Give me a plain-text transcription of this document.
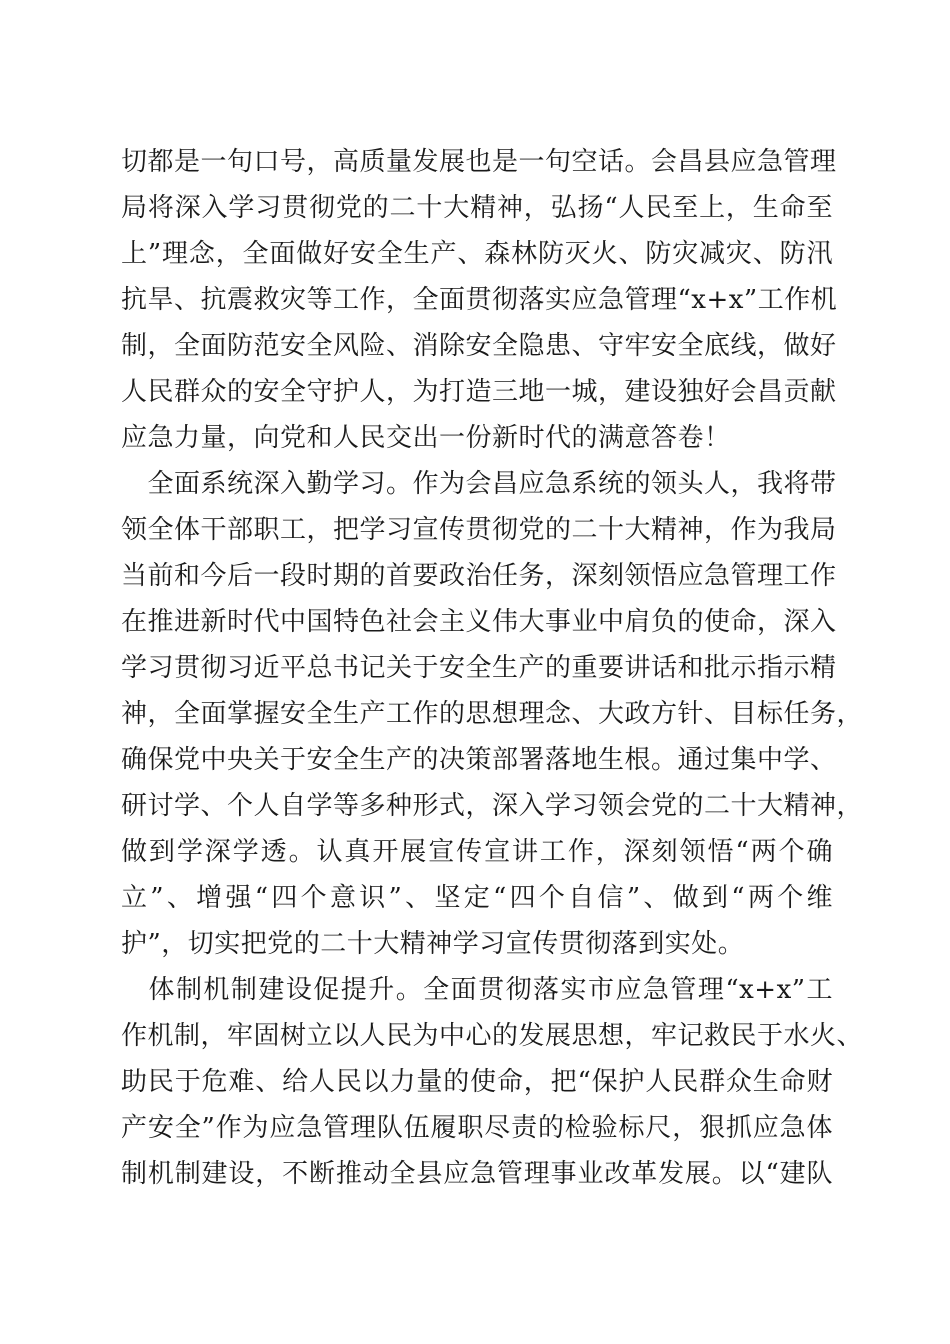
切都是一句口号，高质量发展也是一句空话。会昌县应急管理
局将深入学习贯彻党的二十大精神，弘扬“人民至上，生命至
上”理念，全面做好安全生产、森林防灭火、防灾减灾、防汛
抗旱、抗震救灾等工作，全面贯彻落实应急管理“x+x”工作机
制，全面防范安全风险、消除安全隐患、守牢安全底线，做好
人民群众的安全守护人，为打造三地一城，建设独好会昌贡献
应急力量，向党和人民交出一份新时代的满意答卷！
　全面系统深入勤学习。作为会昌应急系统的领头人，我将带
领全体干部职工，把学习宣传贯彻党的二十大精神，作为我局
当前和今后一段时期的首要政治任务，深刻领悟应急管理工作
在推进新时代中国特色社会主义伟大事业中肩负的使命，深入
学习贯彻习近平总书记关于安全生产的重要讲话和批示指示精
神，全面掌握安全生产工作的思想理念、大政方针、目标任务，
确保党中央关于安全生产的决策部署落地生根。通过集中学、
研讨学、个人自学等多种形式，深入学习领会党的二十大精神，
做到学深学透。认真开展宣传宣讲工作，深刻领悟“两个确
立”、增强“四个意识”、坚定“四个自信”、做到“两个维
护”，切实把党的二十大精神学习宣传贯彻落到实处。
　体制机制建设促提升。全面贯彻落实市应急管理“x+x”工
作机制，牢固树立以人民为中心的发展思想，牢记救民于水火、
助民于危难、给人民以力量的使命，把“保护人民群众生命财
产安全”作为应急管理队伍履职尽责的检验标尺，狠抓应急体
制机制建设，不断推动全县应急管理事业改革发展。以“建队
